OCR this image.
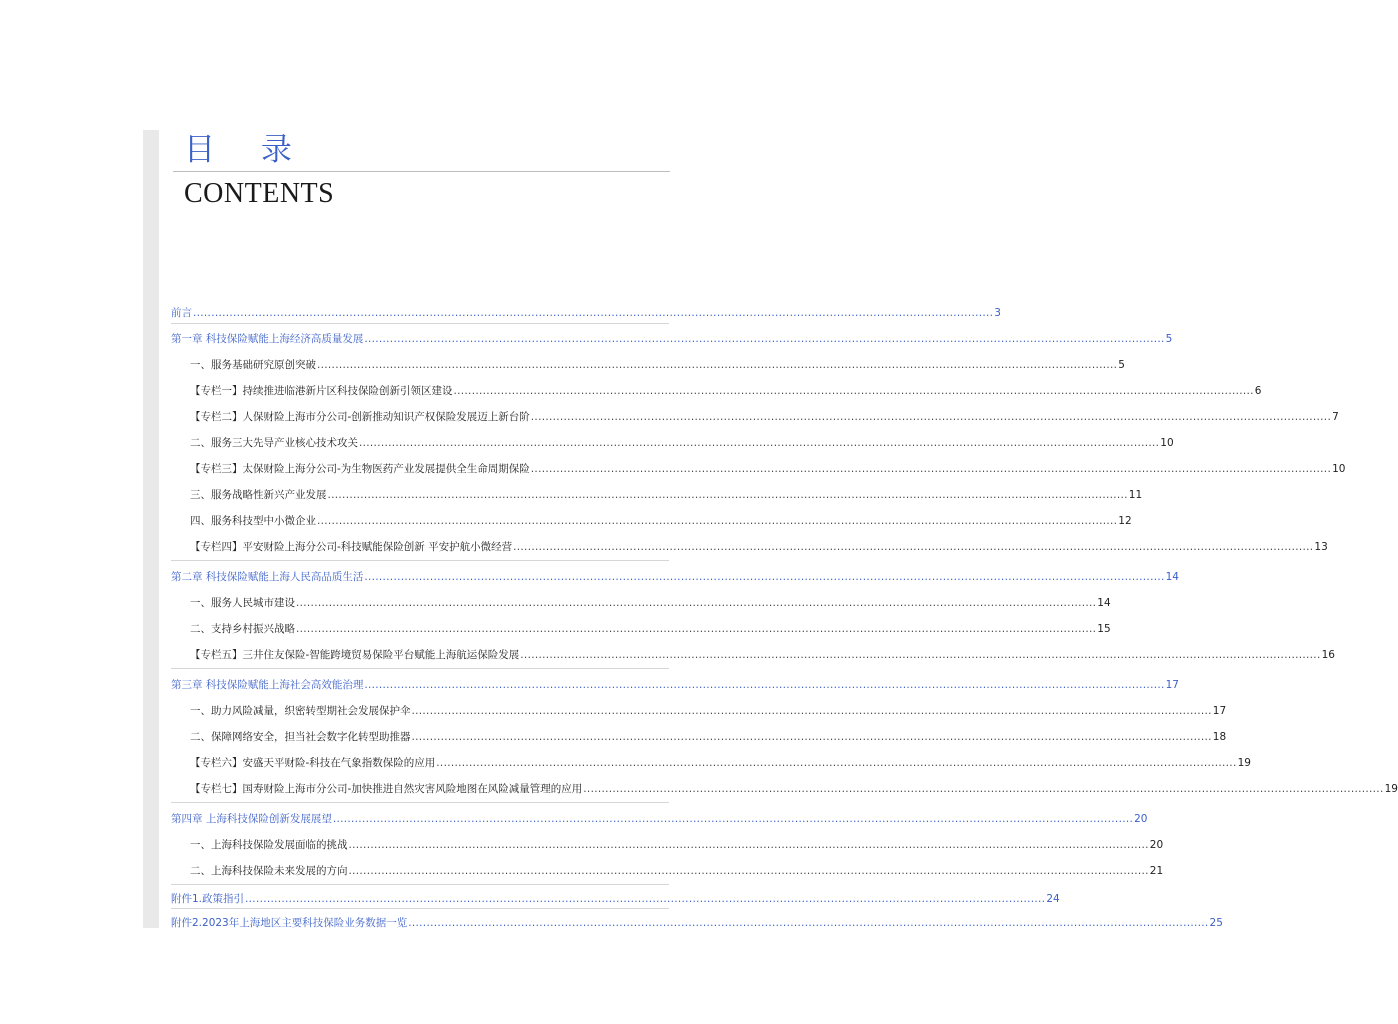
目 录
CONTENTS
前言 ............................................................................................................................................................................................................................ 3
第一章 科技保险赋能上海经济高质量发展 ............................................................................................................................................................................................................................ 5
一、服务基础研究原创突破 ............................................................................................................................................................................................................................ 5
【专栏一】持续推进临港新片区科技保险创新引领区建设 ............................................................................................................................................................................................................................ 6
【专栏二】人保财险上海市分公司-创新推动知识产权保险发展迈上新台阶 ............................................................................................................................................................................................................................ 7
二、服务三大先导产业核心技术攻关 ............................................................................................................................................................................................................................ 10
【专栏三】太保财险上海分公司-为生物医药产业发展提供全生命周期保险 ............................................................................................................................................................................................................................ 10
三、服务战略性新兴产业发展 ............................................................................................................................................................................................................................ 11
四、服务科技型中小微企业 ............................................................................................................................................................................................................................ 12
【专栏四】平安财险上海分公司-科技赋能保险创新 平安护航小微经营 ............................................................................................................................................................................................................................ 13
第二章 科技保险赋能上海人民高品质生活 ............................................................................................................................................................................................................................ 14
一、服务人民城市建设 ............................................................................................................................................................................................................................ 14
二、支持乡村振兴战略 ............................................................................................................................................................................................................................ 15
【专栏五】三井住友保险-智能跨境贸易保险平台赋能上海航运保险发展 ............................................................................................................................................................................................................................ 16
第三章 科技保险赋能上海社会高效能治理 ............................................................................................................................................................................................................................ 17
一、助力风险减量，织密转型期社会发展保护伞 ............................................................................................................................................................................................................................ 17
二、保障网络安全，担当社会数字化转型助推器 ............................................................................................................................................................................................................................ 18
【专栏六】安盛天平财险-科技在气象指数保险的应用 ............................................................................................................................................................................................................................ 19
【专栏七】国寿财险上海市分公司-加快推进自然灾害风险地图在风险减量管理的应用 ............................................................................................................................................................................................................................ 19
第四章 上海科技保险创新发展展望 ............................................................................................................................................................................................................................ 20
一、上海科技保险发展面临的挑战 ............................................................................................................................................................................................................................ 20
二、上海科技保险未来发展的方向 ............................................................................................................................................................................................................................ 21
附件1.政策指引 ............................................................................................................................................................................................................................ 24
附件2.2023年上海地区主要科技保险业务数据一览 ............................................................................................................................................................................................................................ 25
